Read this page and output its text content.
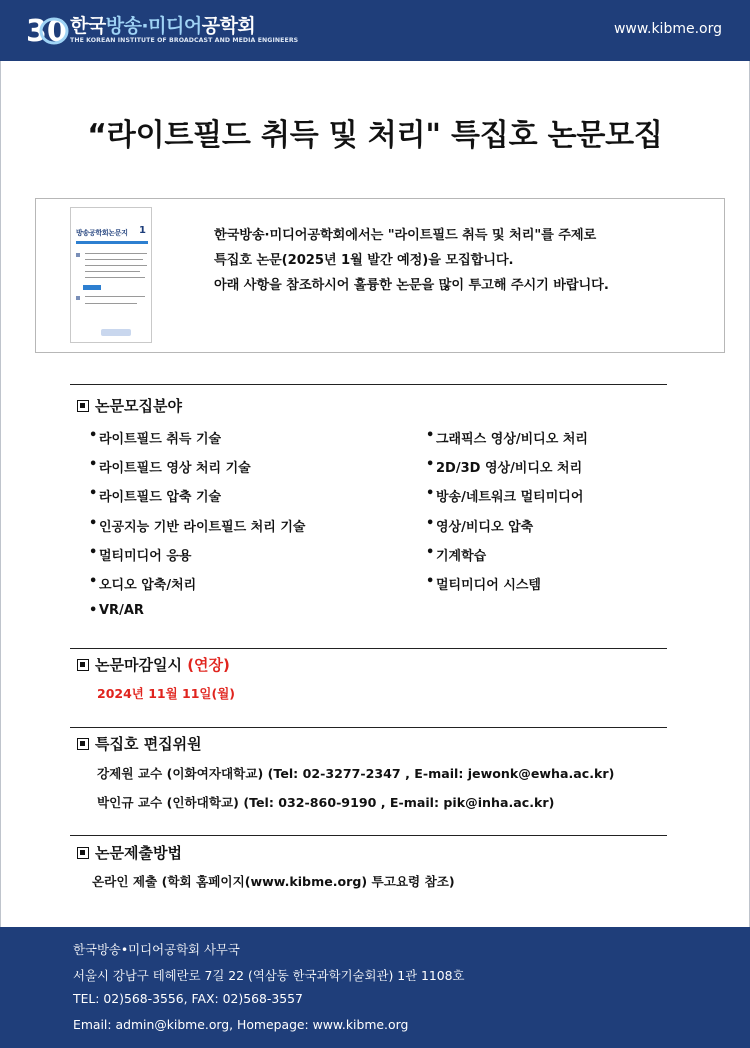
30 한국방송·미디어공학회
THE KOREAN INSTITUTE OF BROADCAST AND MEDIA ENGINEERS
www.kibme.org
“라이트필드 취득 및 처리" 특집호 논문모집
방송공학회논문지 1	한국방송·미디어공학회에서는 "라이트필드 취득 및 처리"를 주제로
특집호 논문(2025년 1월 발간 예정)을 모집합니다.
아래 사항을 참조하시어 훌륭한 논문을 많이 투고해 주시기 바랍니다.
논문모집분야
• 라이트필드 취득 기술
• 라이트필드 영상 처리 기술
• 라이트필드 압축 기술
• 인공지능 기반 라이트필드 처리 기술
• 멀티미디어 응용
• 오디오 압축/처리
• VR/AR
• 그래픽스 영상/비디오 처리
• 2D/3D 영상/비디오 처리
• 방송/네트워크 멀티미디어
• 영상/비디오 압축
• 기계학습
• 멀티미디어 시스템
논문마감일시 (연장)
2024년 11월 11일(월)
특집호 편집위원
강제원 교수 (이화여자대학교) (Tel: 02-3277-2347 , E-mail: jewonk@ewha.ac.kr)
박인규 교수 (인하대학교) (Tel: 032-860-9190 , E-mail: pik@inha.ac.kr)
논문제출방법
온라인 제출 (학회 홈페이지(www.kibme.org) 투고요령 참조)

한국방송•미디어공학회 사무국

서울시 강남구 테헤란로 7길 22 (역삼동 한국과학기술회관) 1관 1108호

TEL: 02)568-3556, FAX: 02)568-3557

Email: admin@kibme.org, Homepage: www.kibme.org
